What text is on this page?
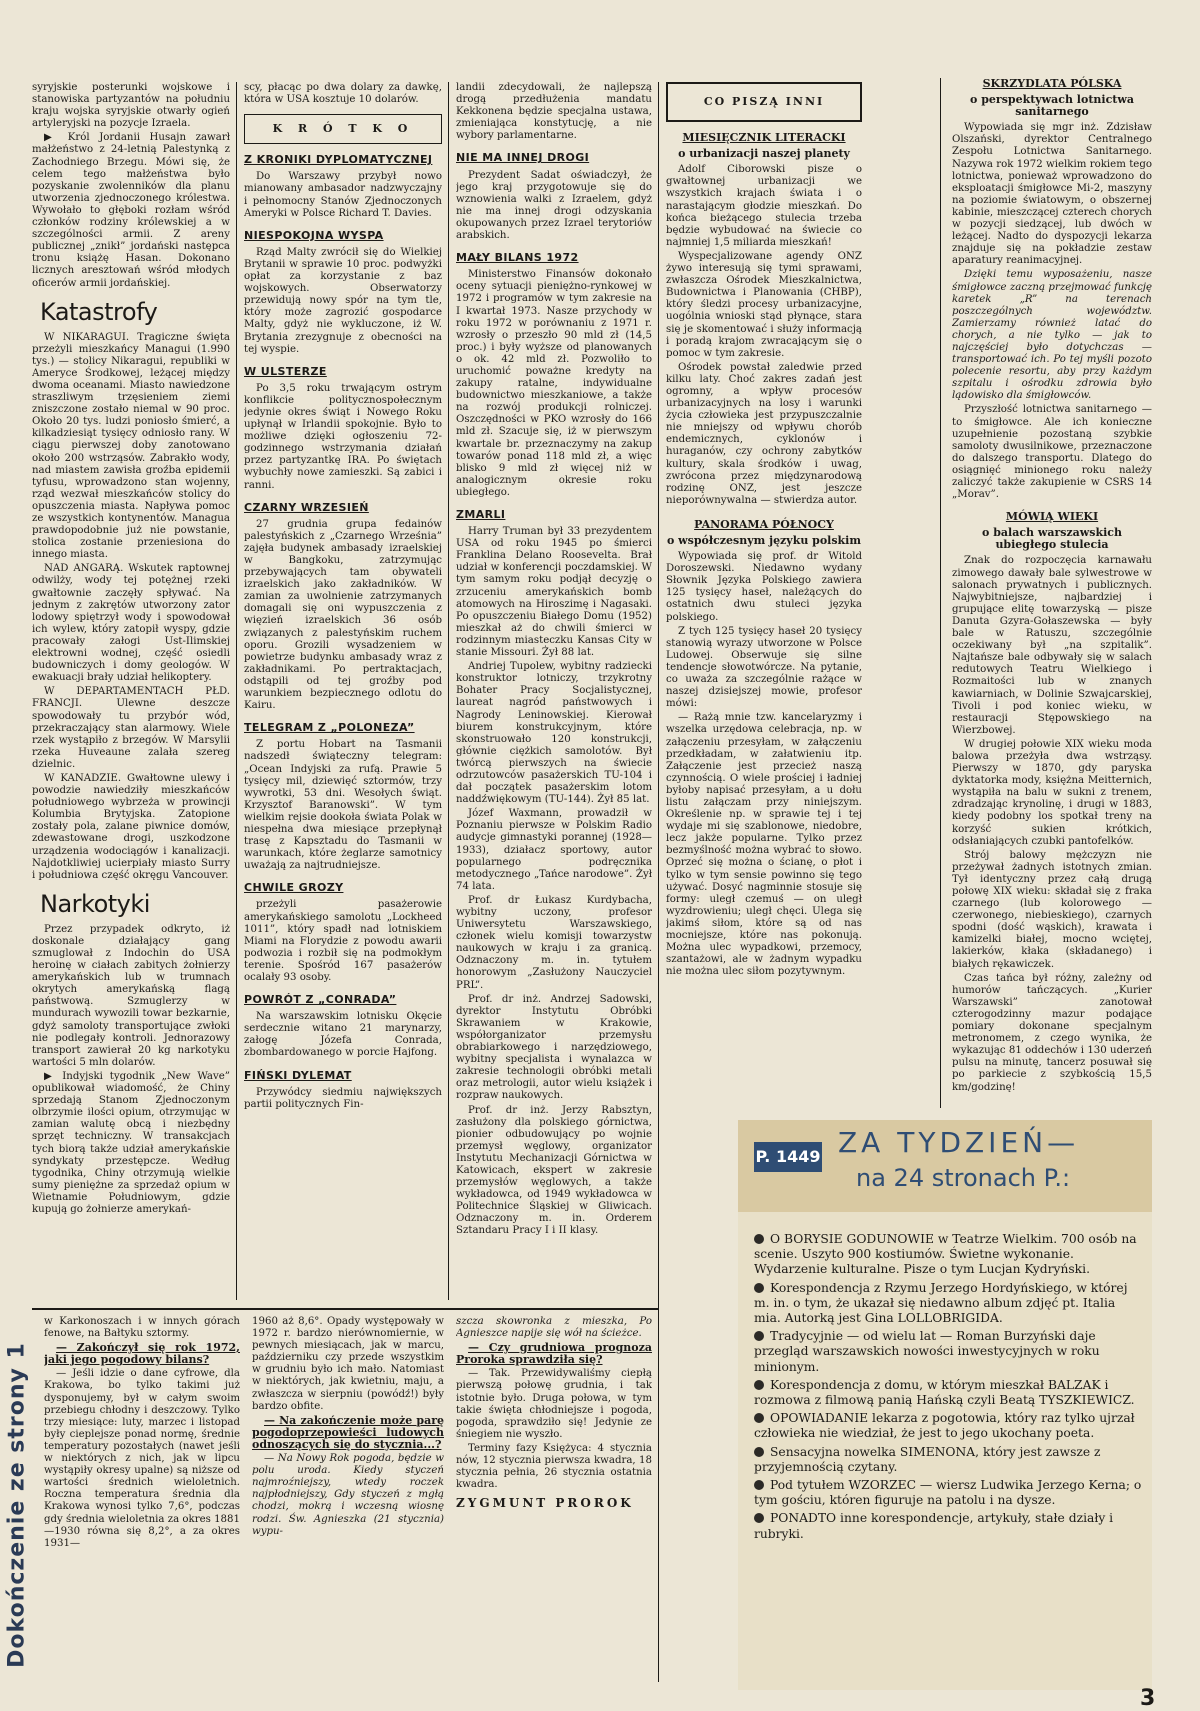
syryjskie posterunki wojskowe i stanowiska partyzantów na południu kraju wojska syryjskie otwarły ogień artyleryjski na pozycje Izraela.

▶ Król Jordanii Husajn zawarł małżeństwo z 24-letnią Palestynką z Zachodniego Brzegu. Mówi się, że celem tego małżeństwa było pozyskanie zwolenników dla planu utworzenia zjednoczonego królestwa. Wywołało to głęboki rozłam wśród członków rodziny królewskiej a w szczególności armii. Z areny publicznej „znikł” jordański następca tronu książę Hasan. Dokonano licznych aresztowań wśród młodych oficerów armii jordańskiej.

Katastrofy

W NIKARAGUI. Tragiczne święta przeżyli mieszkańcy Managui (1.990 tys.) — stolicy Nikaragui, republiki w Ameryce Środkowej, leżącej między dwoma oceanami. Miasto nawiedzone straszliwym trzęsieniem ziemi zniszczone zostało niemal w 90 proc. Około 20 tys. ludzi poniosło śmierć, a kilkadziesiąt tysięcy odniosło rany. W ciągu pierwszej doby zanotowano około 200 wstrząsów. Zabrakło wody, nad miastem zawisła groźba epidemii tyfusu, wprowadzono stan wojenny, rząd wezwał mieszkańców stolicy do opuszczenia miasta. Napływa pomoc ze wszystkich kontynentów. Managua prawdopodobnie już nie powstanie, stolica zostanie przeniesiona do innego miasta.

NAD ANGARĄ. Wskutek raptownej odwilży, wody tej potężnej rzeki gwałtownie zaczęły spływać. Na jednym z zakrętów utworzony zator lodowy spiętrzył wody i spowodował ich wylew, który zatopił wyspy, gdzie pracowały załogi Ust-Ilimskiej elektrowni wodnej, część osiedli budowniczych i domy geologów. W ewakuacji brały udział helikoptery.

W DEPARTAMENTACH PŁD. FRANCJI. Ulewne deszcze spowodowały tu przybór wód, przekraczający stan alarmowy. Wiele rzek wystąpiło z brzegów. W Marsylii rzeka Huveaune zalała szereg dzielnic.

W KANADZIE. Gwałtowne ulewy i powodzie nawiedziły mieszkańców południowego wybrzeża w prowincji Kolumbia Brytyjska. Zatopione zostały pola, zalane piwnice domów, zdewastowane drogi, uszkodzone urządzenia wodociągów i kanalizacji. Najdotkliwiej ucierpiały miasto Surry i południowa część okręgu Vancouver.

Narkotyki

Przez przypadek odkryto, iż doskonale działający gang szmuglował z Indochin do USA heroinę w ciałach zabitych żołnierzy amerykańskich lub w trumnach okrytych amerykańską flagą państwową. Szmuglerzy w mundurach wywozili towar bezkarnie, gdyż samoloty transportujące zwłoki nie podlegały kontroli. Jednorazowy transport zawierał 20 kg narkotyku wartości 5 mln dolarów.

▶ Indyjski tygodnik „New Wave” opublikował wiadomość, że Chiny sprzedają Stanom Zjednoczonym olbrzymie ilości opium, otrzymując w zamian walutę obcą i niezbędny sprzęt techniczny. W transakcjach tych biorą także udział amerykańskie syndykaty przestępcze. Według tygodnika, Chiny otrzymują wielkie sumy pieniężne za sprzedaż opium w Wietnamie Południowym, gdzie kupują go żołnierze amerykań-

scy, płacąc po dwa dolary za dawkę, która w USA kosztuje 10 dolarów.

K R Ó T K O
Z KRONIKI DYPLOMATYCZNEJ

Do Warszawy przybył nowo mianowany ambasador nadzwyczajny i pełnomocny Stanów Zjednoczonych Ameryki w Polsce Richard T. Davies.

NIESPOKOJNA WYSPA

Rząd Malty zwrócił się do Wielkiej Brytanii w sprawie 10 proc. podwyżki opłat za korzystanie z baz wojskowych. Obserwatorzy przewidują nowy spór na tym tle, który może zagrozić gospodarce Malty, gdyż nie wykluczone, iż W. Brytania zrezygnuje z obecności na tej wyspie.

W ULSTERZE

Po 3,5 roku trwającym ostrym konflikcie politycznospołecznym jedynie okres świąt i Nowego Roku upłynął w Irlandii spokojnie. Było to możliwe dzięki ogłoszeniu 72-godzinnego wstrzymania działań przez partyzantkę IRA. Po świętach wybuchły nowe zamieszki. Są zabici i ranni.

CZARNY WRZESIEŃ

27 grudnia grupa fedainów palestyńskich z „Czarnego Września” zajęła budynek ambasady izraelskiej w Bangkoku, zatrzymując przebywających tam obywateli izraelskich jako zakładników. W zamian za uwolnienie zatrzymanych domagali się oni wypuszczenia z więzień izraelskich 36 osób związanych z palestyńskim ruchem oporu. Grozili wysadzeniem w powietrze budynku ambasady wraz z zakładnikami. Po pertraktacjach, odstąpili od tej groźby pod warunkiem bezpiecznego odlotu do Kairu.

TELEGRAM Z „POLONEZA”

Z portu Hobart na Tasmanii nadszedł świąteczny telegram: „Ocean Indyjski za rufą. Prawie 5 tysięcy mil, dziewięć sztormów, trzy wywrotki, 53 dni. Wesołych świąt. Krzysztof Baranowski”. W tym wielkim rejsie dookoła świata Polak w niespełna dwa miesiące przepłynął trasę z Kapsztadu do Tasmanii w warunkach, które żeglarze samotnicy uważają za najtrudniejsze.

CHWILE GROZY

przeżyli pasażerowie amerykańskiego samolotu „Lockheed 1011”, który spadł nad lotniskiem Miami na Florydzie z powodu awarii podwozia i rozbił się na podmokłym terenie. Spośród 167 pasażerów ocalały 93 osoby.

POWRÓT Z „CONRADA”

Na warszawskim lotnisku Okęcie serdecznie witano 21 marynarzy, załogę Józefa Conrada, zbombardowanego w porcie Hajfong.

FIŃSKI DYLEMAT

Przywódcy siedmiu największych partii politycznych Fin-

landii zdecydowali, że najlepszą drogą przedłużenia mandatu Kekkonena będzie specjalna ustawa, zmieniająca konstytucję, a nie wybory parlamentarne.

NIE MA INNEJ DROGI

Prezydent Sadat oświadczył, że jego kraj przygotowuje się do wznowienia walki z Izraelem, gdyż nie ma innej drogi odzyskania okupowanych przez Izrael terytoriów arabskich.

MAŁY BILANS 1972

Ministerstwo Finansów dokonało oceny sytuacji pieniężno-rynkowej w 1972 i programów w tym zakresie na I kwartał 1973. Nasze przychody w roku 1972 w porównaniu z 1971 r. wzrosły o przeszło 90 mld zł (14,5 proc.) i były wyższe od planowanych o ok. 42 mld zł. Pozwoliło to uruchomić poważne kredyty na zakupy ratalne, indywidualne budownictwo mieszkaniowe, a także na rozwój produkcji rolniczej. Oszczędności w PKO wzrosły do 166 mld zł. Szacuje się, iż w pierwszym kwartale br. przeznaczymy na zakup towarów ponad 118 mld zł, a więc blisko 9 mld zł więcej niż w analogicznym okresie roku ubiegłego.

ZMARLI

Harry Truman był 33 prezydentem USA od roku 1945 po śmierci Franklina Delano Roosevelta. Brał udział w konferencji poczdamskiej. W tym samym roku podjął decyzję o zrzuceniu amerykańskich bomb atomowych na Hiroszimę i Nagasaki. Po opuszczeniu Białego Domu (1952) mieszkał aż do chwili śmierci w rodzinnym miasteczku Kansas City w stanie Missouri. Żył 88 lat.

Andriej Tupolew, wybitny radziecki konstruktor lotniczy, trzykrotny Bohater Pracy Socjalistycznej, laureat nagród państwowych i Nagrody Leninowskiej. Kierował biurem konstrukcyjnym, które skonstruowało 120 konstrukcji, głównie ciężkich samolotów. Był twórcą pierwszych na świecie odrzutowców pasażerskich TU-104 i dał początek pasażerskim lotom naddźwiękowym (TU-144). Żył 85 lat.

Józef Waxmann, prowadził w Poznaniu pierwsze w Polskim Radio audycje gimnastyki porannej (1928—1933), działacz sportowy, autor popularnego podręcznika metodycznego „Tańce narodowe”. Żył 74 lata.

Prof. dr Łukasz Kurdybacha, wybitny uczony, profesor Uniwersytetu Warszawskiego, członek wielu komisji towarzystw naukowych w kraju i za granicą. Odznaczony m. in. tytułem honorowym „Zasłużony Nauczyciel PRL”.

Prof. dr inż. Andrzej Sadowski, dyrektor Instytutu Obróbki Skrawaniem w Krakowie, współorganizator przemysłu obrabiarkowego i narzędziowego, wybitny specjalista i wynalazca w zakresie technologii obróbki metali oraz metrologii, autor wielu książek i rozpraw naukowych.

Prof. dr inż. Jerzy Rabsztyn, zasłużony dla polskiego górnictwa, pionier odbudowujący po wojnie przemysł węglowy, organizator Instytutu Mechanizacji Górnictwa w Katowicach, ekspert w zakresie przemysłów węglowych, a także wykładowca, od 1949 wykładowca w Politechnice Śląskiej w Gliwicach. Odznaczony m. in. Orderem Sztandaru Pracy I i II klasy.

CO PISZĄ INNI
MIESIĘCZNIK LITERACKI
o urbanizacji naszej planety

Adolf Ciborowski pisze o gwałtownej urbanizacji we wszystkich krajach świata i o narastającym głodzie mieszkań. Do końca bieżącego stulecia trzeba będzie wybudować na świecie co najmniej 1,5 miliarda mieszkań!

Wyspecjalizowane agendy ONZ żywo interesują się tymi sprawami, zwłaszcza Ośrodek Mieszkalnictwa, Budownictwa i Planowania (CHBP), który śledzi procesy urbanizacyjne, uogólnia wnioski stąd płynące, stara się je skomentować i służy informacją i poradą krajom zwracającym się o pomoc w tym zakresie.

Ośrodek powstał zaledwie przed kilku laty. Choć zakres zadań jest ogromny, a wpływ procesów urbanizacyjnych na losy i warunki życia człowieka jest przypuszczalnie nie mniejszy od wpływu chorób endemicznych, cyklonów i huraganów, czy ochrony zabytków kultury, skala środków i uwag, zwrócona przez międzynarodową rodzinę ONZ, jest jeszcze nieporównywalna — stwierdza autor.

PANORAMA PÓŁNOCY
o współczesnym języku polskim

Wypowiada się prof. dr Witold Doroszewski. Niedawno wydany Słownik Języka Polskiego zawiera 125 tysięcy haseł, należących do ostatnich dwu stuleci języka polskiego.

Z tych 125 tysięcy haseł 20 tysięcy stanowią wyrazy utworzone w Polsce Ludowej. Obserwuje się silne tendencje słowotwórcze. Na pytanie, co uważa za szczególnie rażące w naszej dzisiejszej mowie, profesor mówi:

— Rażą mnie tzw. kancelaryzmy i wszelka urzędowa celebracja, np. w załączeniu przesyłam, w załączeniu przedkładam, w załatwieniu itp. Załączenie jest przecież naszą czynnością. O wiele prościej i ładniej byłoby napisać przesyłam, a u dołu listu załączam przy niniejszym. Określenie np. w sprawie tej i tej wydaje mi się szablonowe, niedobre, lecz jakże popularne. Tylko przez bezmyślność można wybrać to słowo. Oprzeć się można o ścianę, o płot i tylko w tym sensie powinno się tego używać. Dosyć nagminnie stosuje się formy: uległ czemuś — on uległ wyzdrowieniu; uległ chęci. Ulega się jakimś siłom, które są od nas mocniejsze, które nas pokonują. Można ulec wypadkowi, przemocy, szantażowi, ale w żadnym wypadku nie można ulec siłom pozytywnym.

SKRZYDLATA PÓLSKA
o perspektywach lotnictwa sanitarnego

Wypowiada się mgr inż. Zdzisław Olszański, dyrektor Centralnego Zespołu Lotnictwa Sanitarnego. Nazywa rok 1972 wielkim rokiem tego lotnictwa, ponieważ wprowadzono do eksploatacji śmigłowce Mi-2, maszyny na poziomie światowym, o obszernej kabinie, mieszczącej czterech chorych w pozycji siedzącej, lub dwóch w leżącej. Nadto do dyspozycji lekarza znajduje się na pokładzie zestaw aparatury reanimacyjnej.

Dzięki temu wyposażeniu, nasze śmigłowce zaczną przejmować funkcję karetek „R” na terenach poszczególnych województw. Zamierzamy również latać do chorych, a nie tylko — jak to najczęściej było dotychczas — transportować ich. Po tej myśli pozoto polecenie resortu, aby przy każdym szpitalu i ośrodku zdrowia było lądowisko dla śmigłowców.

Przyszłość lotnictwa sanitarnego — to śmigłowce. Ale ich konieczne uzupełnienie pozostaną szybkie samoloty dwusilnikowe, przeznaczone do dalszego transportu. Dlatego do osiągnięć minionego roku należy zaliczyć także zakupienie w CSRS 14 „Morav”.

MÓWIĄ WIEKI
o balach warszawskich ubiegłego stulecia

Znak do rozpoczęcia karnawału zimowego dawały bale sylwestrowe w salonach prywatnych i publicznych. Najwybitniejsze, najbardziej i grupujące elitę towarzyską — pisze Danuta Gzyra-Gołaszewska — były bale w Ratuszu, szczególnie oczekiwany był „na szpitalik”. Najtańsze bale odbywały się w salach redutowych Teatru Wielkiego i Rozmaitości lub w znanych kawiarniach, w Dolinie Szwajcarskiej, Tivoli i pod koniec wieku, w restauracji Stępowskiego na Wierzbowej.

W drugiej połowie XIX wieku moda balowa przeżyła dwa wstrząsy. Pierwszy w 1870, gdy paryska dyktatorka mody, księżna Meitternich, wystąpiła na balu w sukni z trenem, zdradzając krynolinę, i drugi w 1883, kiedy podobny los spotkał treny na korzyść sukien krótkich, odsłaniających czubki pantofelków.

Strój balowy mężczyzn nie przeżywał żadnych istotnych zmian. Tył identyczny przez całą drugą połowę XIX wieku: składał się z fraka czarnego (lub kolorowego — czerwonego, niebieskiego), czarnych spodni (dość wąskich), krawata i kamizelki białej, mocno wciętej, lakierków, kłaka (składanego) i białych rękawiczek.

Czas tańca był różny, zależny od humorów tańczących. „Kurier Warszawski” zanotował czterogodzinny mazur podające pomiary dokonane specjalnym metronomem, z czego wynika, że wykazując 81 oddechów i 130 uderzeń pulsu na minutę, tancerz posuwał się po parkiecie z szybkością 15,5 km/godzinę!

Dokończenie ze strony 1

w Karkonoszach i w innych górach fenowe, na Bałtyku sztormy.

— Zakończył się rok 1972, jaki jego pogodowy bilans?

— Jeśli idzie o dane cyfrowe, dla Krakowa, bo tylko takimi już dysponujemy, był w całym swoim przebiegu chłodny i deszczowy. Tylko trzy miesiące: luty, marzec i listopad były cieplejsze ponad normę, średnie temperatury pozostałych (nawet jeśli w niektórych z nich, jak w lipcu wystąpiły okresy upalne) są niższe od wartości średnich wieloletnich. Roczna temperatura średnia dla Krakowa wynosi tylko 7,6°, podczas gdy średnia wieloletnia za okres 1881—1930 równa się 8,2°, a za okres 1931—

1960 aż 8,6°. Opady występowały w 1972 r. bardzo nierównomiernie, w pewnych miesiącach, jak w marcu, październiku czy przede wszystkim w grudniu było ich mało. Natomiast w niektórych, jak kwietniu, maju, a zwłaszcza w sierpniu (powódź!) były bardzo obfite.

— Na zakończenie może parę pogodoprzepowieści ludowych odnoszących się do stycznia...?

— Na Nowy Rok pogoda, będzie w polu uroda. Kiedy styczeń najmroźniejszy, wtedy roczek najpłodniejszy, Gdy styczeń z mgłą chodzi, mokrą i wczesną wiosnę rodzi. Św. Agnieszka (21 stycznia) wypu-

szcza skowronka z mieszka, Po Agnieszce napije się wół na ścieżce.

— Czy grudniowa prognoza Proroka sprawdziła się?

— Tak. Przewidywaliśmy ciepłą pierwszą połowę grudnia, i tak istotnie było. Druga połowa, w tym takie święta chłodniejsze i pogoda, pogoda, sprawdziło się! Jedynie ze śniegiem nie wyszło.

Terminy fazy Księżyca: 4 stycznia nów, 12 stycznia pierwsza kwadra, 18 stycznia pełnia, 26 stycznia ostatnia kwadra.

ZYGMUNT PROROK

P. 1449 ZA TYDZIEŃ—
na 24 stronach P.:
O BORYSIE GODUNOWIE w Teatrze Wielkim. 700 osób na scenie. Uszyto 900 kostiumów. Świetne wykonanie. Wydarzenie kulturalne. Pisze o tym Lucjan Kydryński.
Korespondencja z Rzymu Jerzego Hordyńskiego, w której m. in. o tym, że ukazał się niedawno album zdjęć pt. Italia mia. Autorką jest Gina LOLLOBRIGIDA.
Tradycyjnie — od wielu lat — Roman Burzyński daje przegląd warszawskich nowości inwestycyjnych w roku minionym.
Korespondencja z domu, w którym mieszkał BALZAK i rozmowa z filmową panią Hańską czyli Beatą TYSZKIEWICZ.
OPOWIADANIE lekarza z pogotowia, który raz tylko ujrzał człowieka nie wiedział, że jest to jego ukochany poeta.
Sensacyjna nowelka SIMENONA, który jest zawsze z przyjemnością czytany.
Pod tytułem WZORZEC — wiersz Ludwika Jerzego Kerna; o tym gościu, któren figuruje na patolu i na dysze.
PONADTO inne korespondencje, artykuły, stałe działy i rubryki.
3
